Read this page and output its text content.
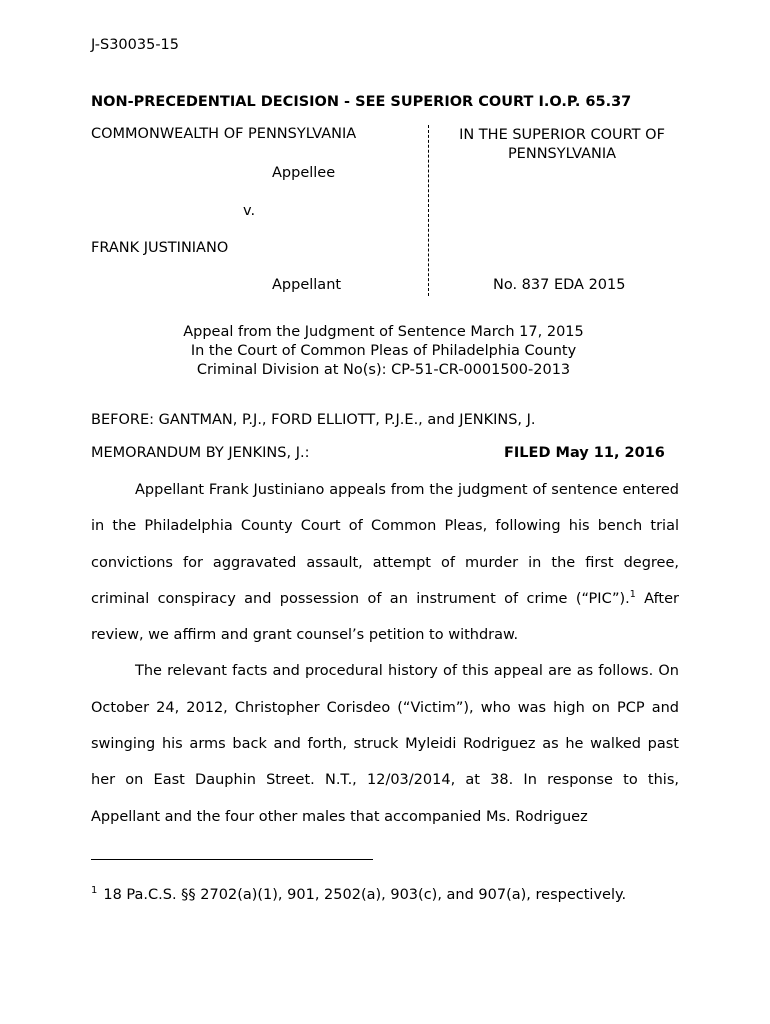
J-S30035-15
NON-PRECEDENTIAL DECISION - SEE SUPERIOR COURT I.O.P. 65.37
COMMONWEALTH OF PENNSYLVANIA
Appellee
v.
FRANK JUSTINIANO
Appellant
IN THE SUPERIOR COURT OF PENNSYLVANIA
No. 837 EDA 2015
Appeal from the Judgment of Sentence March 17, 2015
In the Court of Common Pleas of Philadelphia County
Criminal Division at No(s): CP-51-CR-0001500-2013
BEFORE: GANTMAN, P.J., FORD ELLIOTT, P.J.E., and JENKINS, J.
MEMORANDUM BY JENKINS, J.:	FILED May 11, 2016

Appellant Frank Justiniano appeals from the judgment of sentence entered in the Philadelphia County Court of Common Pleas, following his bench trial convictions for aggravated assault, attempt of murder in the first degree, criminal conspiracy and possession of an instrument of crime (“PIC”).$^1$ After review, we affirm and grant counsel’s petition to withdraw.

The relevant facts and procedural history of this appeal are as follows. On October 24, 2012, Christopher Corisdeo (“Victim”), who was high on PCP and swinging his arms back and forth, struck Myleidi Rodriguez as he walked past her on East Dauphin Street. N.T., 12/03/2014, at 38. In response to this, Appellant and the four other males that accompanied Ms. Rodriguez

$^1$ 18 Pa.C.S. §§ 2702(a)(1), 901, 2502(a), 903(c), and 907(a), respectively.
